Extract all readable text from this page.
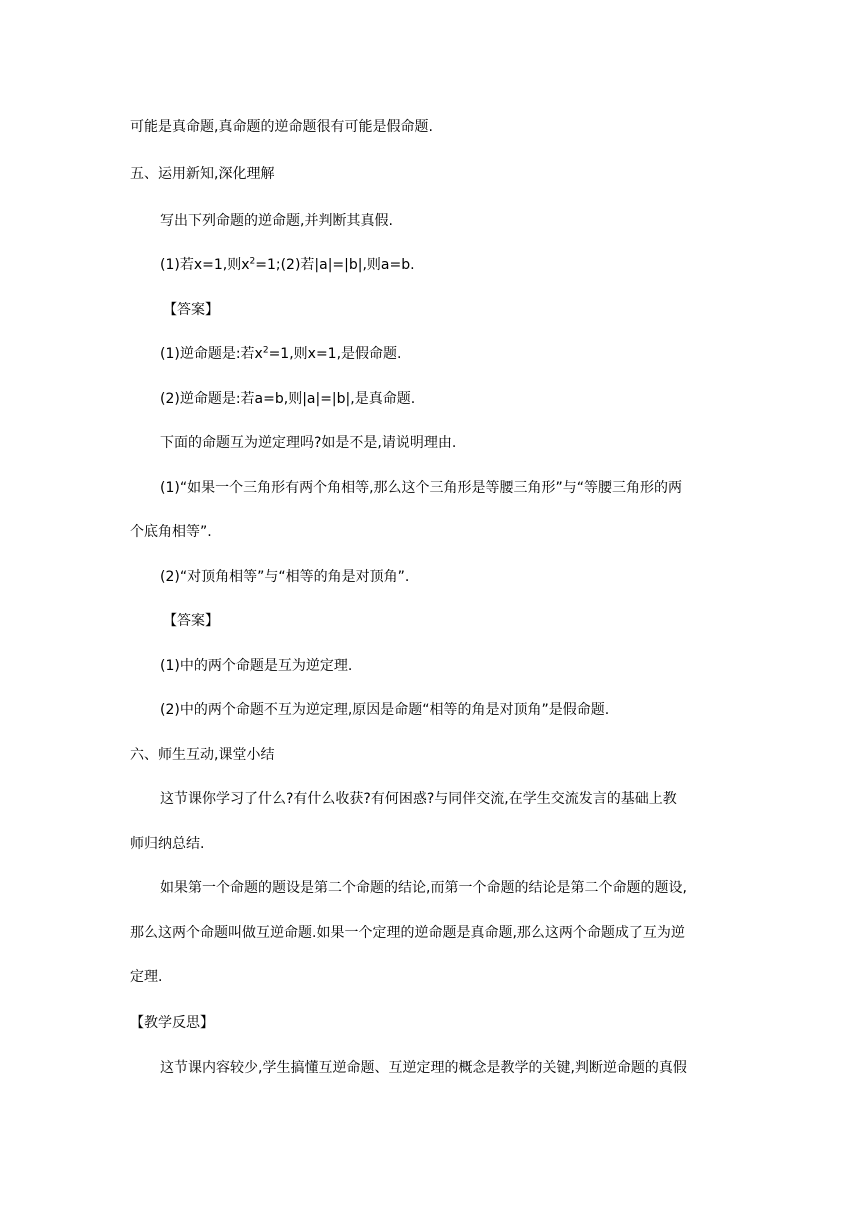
可能是真命题,真命题的逆命题很有可能是假命题.
五、运用新知,深化理解
写出下列命题的逆命题,并判断其真假.
(1)若x=1,则$x^2=1;(2)$若|a|=|b|,则a=b.
【答案】
(1)逆命题是:若$x^2=1$,则x=1,是假命题.
(2)逆命题是:若a=b,则|a|=|b|,是真命题.
下面的命题互为逆定理吗?如是不是,请说明理由.
(1)“如果一个三角形有两个角相等,那么这个三角形是等腰三角形”与“等腰三角形的两
个底角相等”.
(2)“对顶角相等”与“相等的角是对顶角”.
【答案】
(1)中的两个命题是互为逆定理.
(2)中的两个命题不互为逆定理,原因是命题“相等的角是对顶角”是假命题.
六、师生互动,课堂小结
这节课你学习了什么?有什么收获?有何困惑?与同伴交流,在学生交流发言的基础上教
师归纳总结.
如果第一个命题的题设是第二个命题的结论,而第一个命题的结论是第二个命题的题设,
那么这两个命题叫做互逆命题.如果一个定理的逆命题是真命题,那么这两个命题成了互为逆
定理.
【教学反思】
这节课内容较少,学生搞懂互逆命题、互逆定理的概念是教学的关键,判断逆命题的真假
